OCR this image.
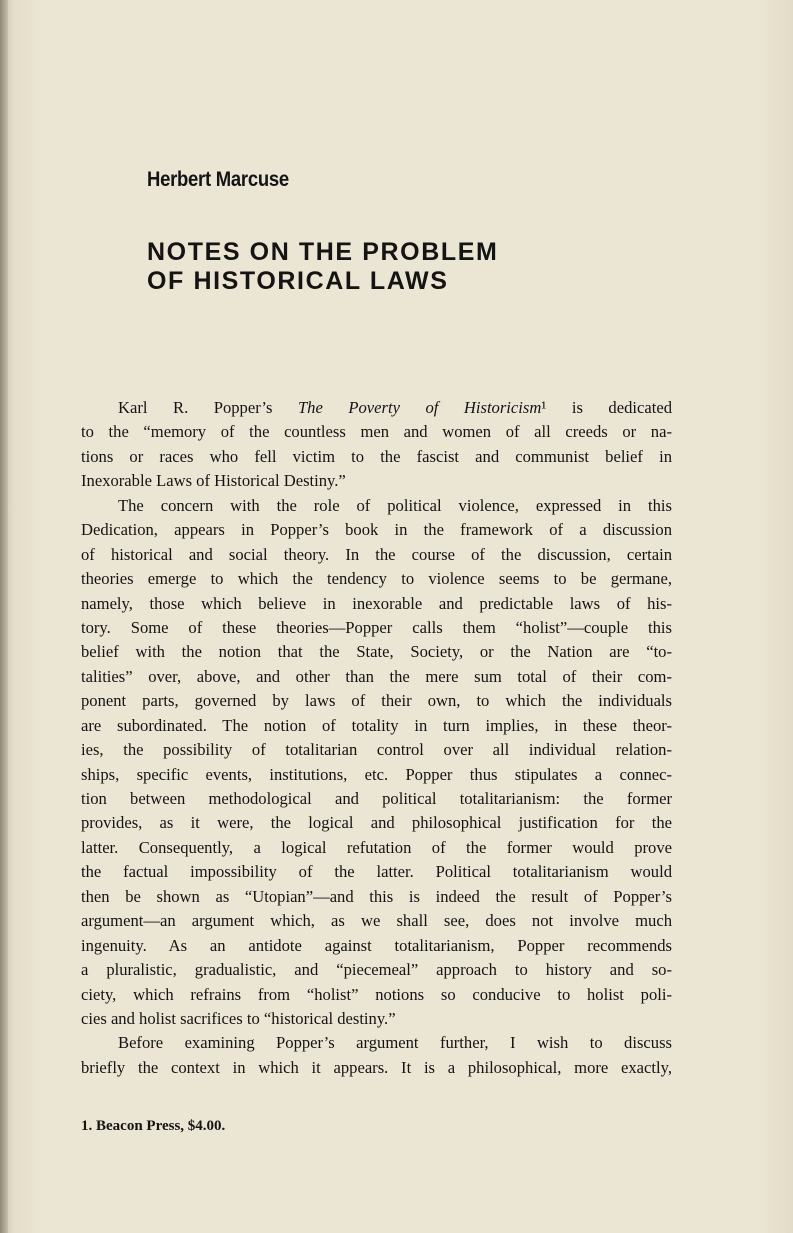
Herbert Marcuse
NOTES ON THE PROBLEM
OF HISTORICAL LAWS
Karl R. Popper’s The Poverty of Historicism¹ is dedicated
to the “memory of the countless men and women of all creeds or na-
tions or races who fell victim to the fascist and communist belief in
Inexorable Laws of Historical Destiny.”
The concern with the role of political violence, expressed in this
Dedication, appears in Popper’s book in the framework of a discussion
of historical and social theory. In the course of the discussion, certain
theories emerge to which the tendency to violence seems to be germane,
namely, those which believe in inexorable and predictable laws of his-
tory. Some of these theories—Popper calls them “holist”—couple this
belief with the notion that the State, Society, or the Nation are “to-
talities” over, above, and other than the mere sum total of their com-
ponent parts, governed by laws of their own, to which the individuals
are subordinated. The notion of totality in turn implies, in these theor-
ies, the possibility of totalitarian control over all individual relation-
ships, specific events, institutions, etc. Popper thus stipulates a connec-
tion between methodological and political totalitarianism: the former
provides, as it were, the logical and philosophical justification for the
latter. Consequently, a logical refutation of the former would prove
the factual impossibility of the latter. Political totalitarianism would
then be shown as “Utopian”—and this is indeed the result of Popper’s
argument—an argument which, as we shall see, does not involve much
ingenuity. As an antidote against totalitarianism, Popper recommends
a pluralistic, gradualistic, and “piecemeal” approach to history and so-
ciety, which refrains from “holist” notions so conducive to holist poli-
cies and holist sacrifices to “historical destiny.”
Before examining Popper’s argument further, I wish to discuss
briefly the context in which it appears. It is a philosophical, more exactly,
1. Beacon Press, $4.00.
